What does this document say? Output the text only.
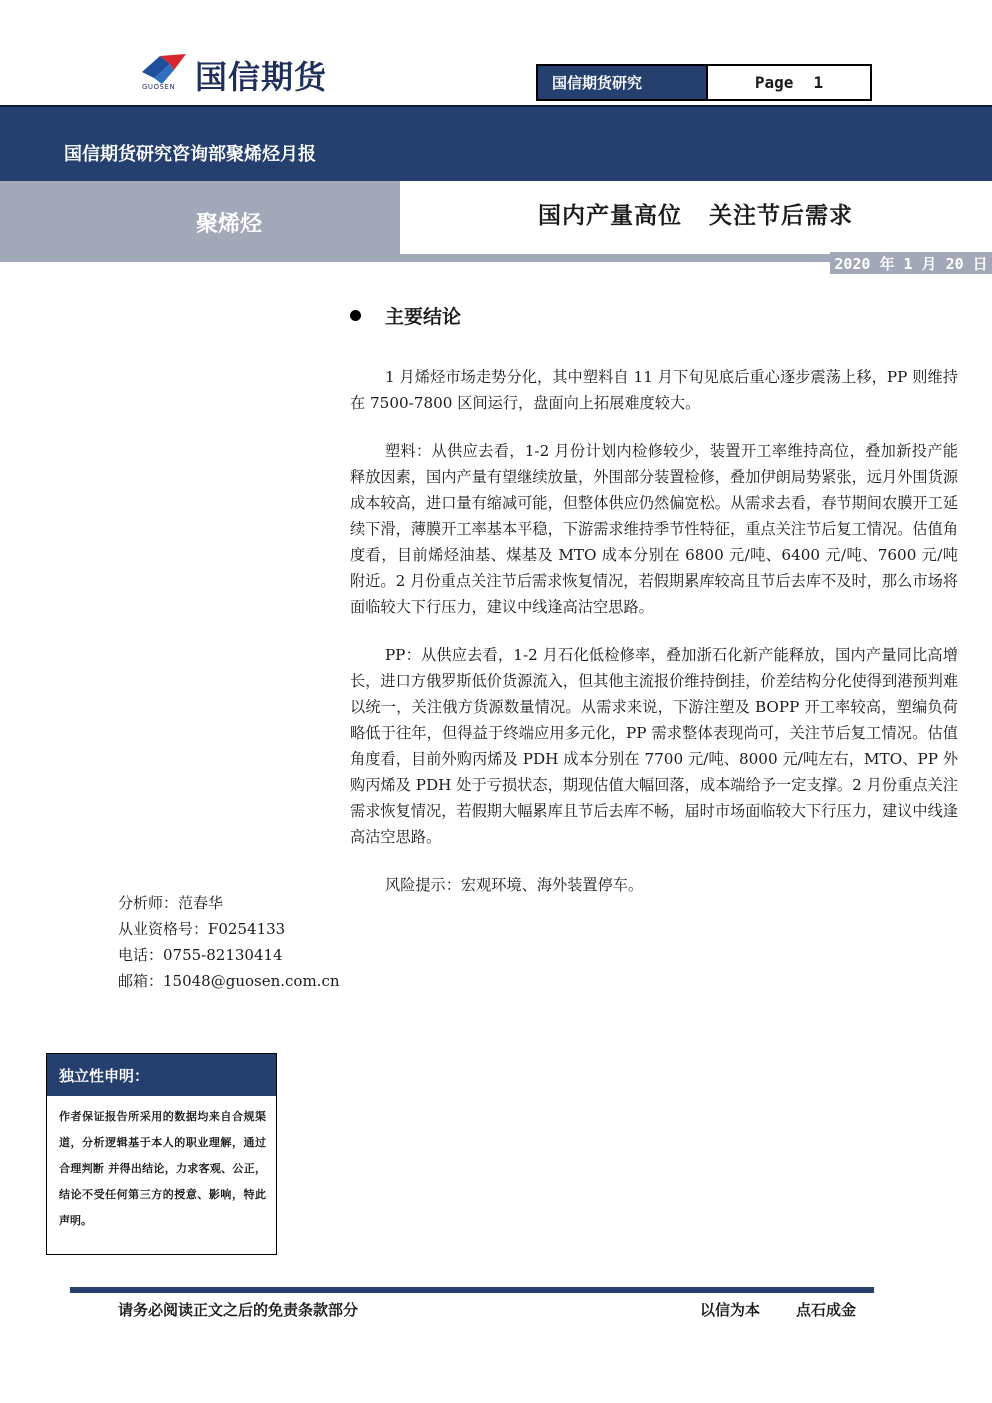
国信期货
GUOSEN	国信期货研究	Page 1
国信期货研究咨询部聚烯烃月报
聚烯烃	国内产量高位   关注节后需求
2020 年 1 月 20 日
主要结论

1 月烯烃市场走势分化，其中塑料自 11 月下旬见底后重心逐步震荡上移，PP 则维持在 7500-7800 区间运行，盘面向上拓展难度较大。

塑料：从供应去看，1-2 月份计划内检修较少，装置开工率维持高位，叠加新投产能释放因素，国内产量有望继续放量，外围部分装置检修，叠加伊朗局势紧张，远月外围货源成本较高，进口量有缩减可能，但整体供应仍然偏宽松。从需求去看，春节期间农膜开工延续下滑，薄膜开工率基本平稳，下游需求维持季节性特征，重点关注节后复工情况。估值角度看，目前烯烃油基、煤基及 MTO 成本分别在 6800 元/吨、6400 元/吨、7600 元/吨附近。2 月份重点关注节后需求恢复情况，若假期累库较高且节后去库不及时，那么市场将面临较大下行压力，建议中线逢高沽空思路。

PP：从供应去看，1-2 月石化低检修率，叠加浙石化新产能释放，国内产量同比高增长，进口方俄罗斯低价货源流入，但其他主流报价维持倒挂，价差结构分化使得到港预判难以统一，关注俄方货源数量情况。从需求来说，下游注塑及 BOPP 开工率较高，塑编负荷略低于往年，但得益于终端应用多元化，PP 需求整体表现尚可，关注节后复工情况。估值角度看，目前外购丙烯及 PDH 成本分别在 7700 元/吨、8000 元/吨左右，MTO、PP 外购丙烯及 PDH 处于亏损状态，期现估值大幅回落，成本端给予一定支撑。2 月份重点关注需求恢复情况，若假期大幅累库且节后去库不畅，届时市场面临较大下行压力，建议中线逢高沽空思路。

风险提示：宏观环境、海外装置停车。

分析师：范春华
从业资格号：F0254133
电话：0755-82130414
邮箱：15048@guosen.com.cn
独立性申明：
作者保证报告所采用的数据均来自合规渠道，分析逻辑基于本人的职业理解，通过合理判断 并得出结论，力求客观、公正，结论不受任何第三方的授意、影响，特此声明。
请务必阅读正文之后的免责条款部分	以信为本 点石成金
